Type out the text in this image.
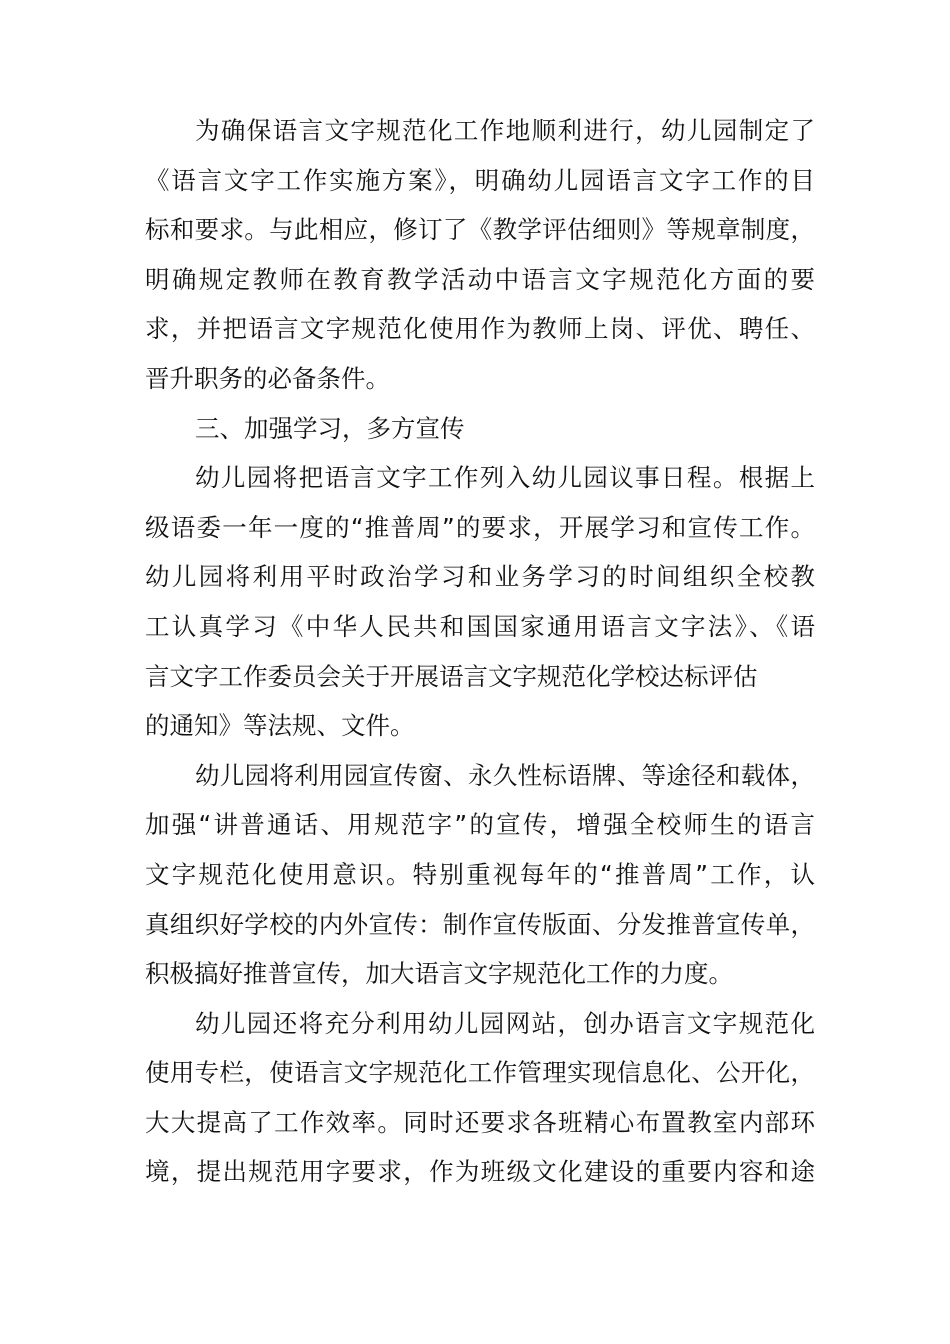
为确保语言文字规范化工作地顺利进行，幼儿园制定了
《语言文字工作实施方案》，明确幼儿园语言文字工作的目
标和要求。与此相应，修订了《教学评估细则》等规章制度，
明确规定教师在教育教学活动中语言文字规范化方面的要
求，并把语言文字规范化使用作为教师上岗、评优、聘任、
晋升职务的必备条件。
三、加强学习，多方宣传
幼儿园将把语言文字工作列入幼儿园议事日程。根据上
级语委一年一度的“推普周”的要求，开展学习和宣传工作。
幼儿园将利用平时政治学习和业务学习的时间组织全校教
工认真学习《中华人民共和国国家通用语言文字法》、《语
言文字工作委员会关于开展语言文字规范化学校达标评估
的通知》等法规、文件。
幼儿园将利用园宣传窗、永久性标语牌、等途径和载体，
加强“讲普通话、用规范字”的宣传，增强全校师生的语言
文字规范化使用意识。特别重视每年的“推普周”工作，认
真组织好学校的内外宣传：制作宣传版面、分发推普宣传单，
积极搞好推普宣传，加大语言文字规范化工作的力度。
幼儿园还将充分利用幼儿园网站，创办语言文字规范化
使用专栏，使语言文字规范化工作管理实现信息化、公开化，
大大提高了工作效率。同时还要求各班精心布置教室内部环
境，提出规范用字要求，作为班级文化建设的重要内容和途
